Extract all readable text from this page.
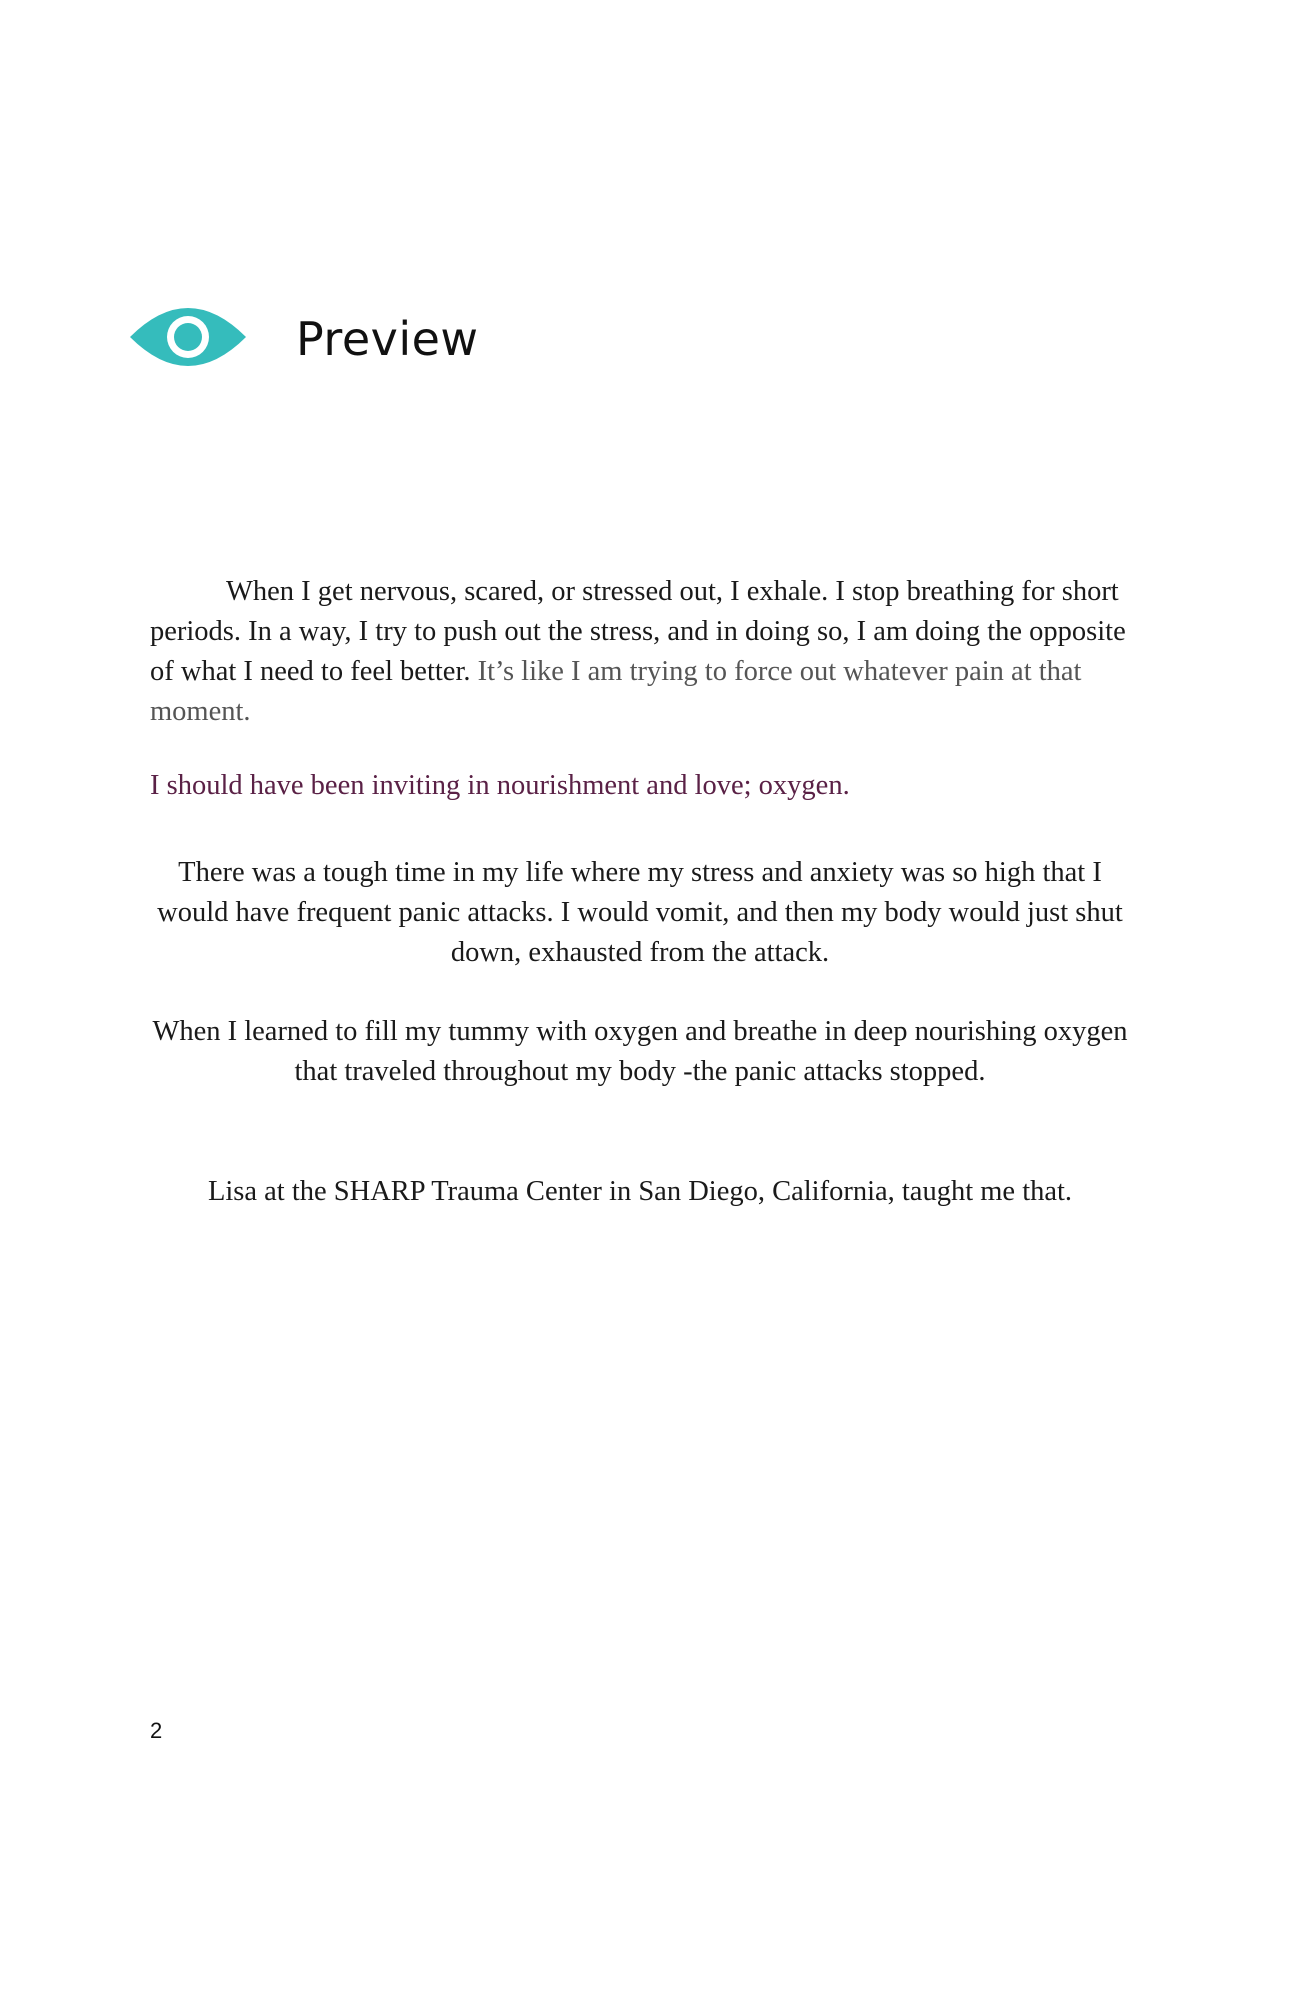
Preview

When I get nervous, scared, or stressed out, I exhale. I stop breathing for short periods. In a way, I try to push out the stress, and in doing so, I am doing the opposite of what I need to feel better. It’s like I am trying to force out whatever pain at that moment.

I should have been inviting in nourishment and love; oxygen.

There was a tough time in my life where my stress and anxiety was so high that I would have frequent panic attacks. I would vomit, and then my body would just shut down, exhausted from the attack.

When I learned to fill my tummy with oxygen and breathe in deep nourishing oxygen that traveled throughout my body -the panic attacks stopped.

Lisa at the SHARP Trauma Center in San Diego, California, taught me that.

2
